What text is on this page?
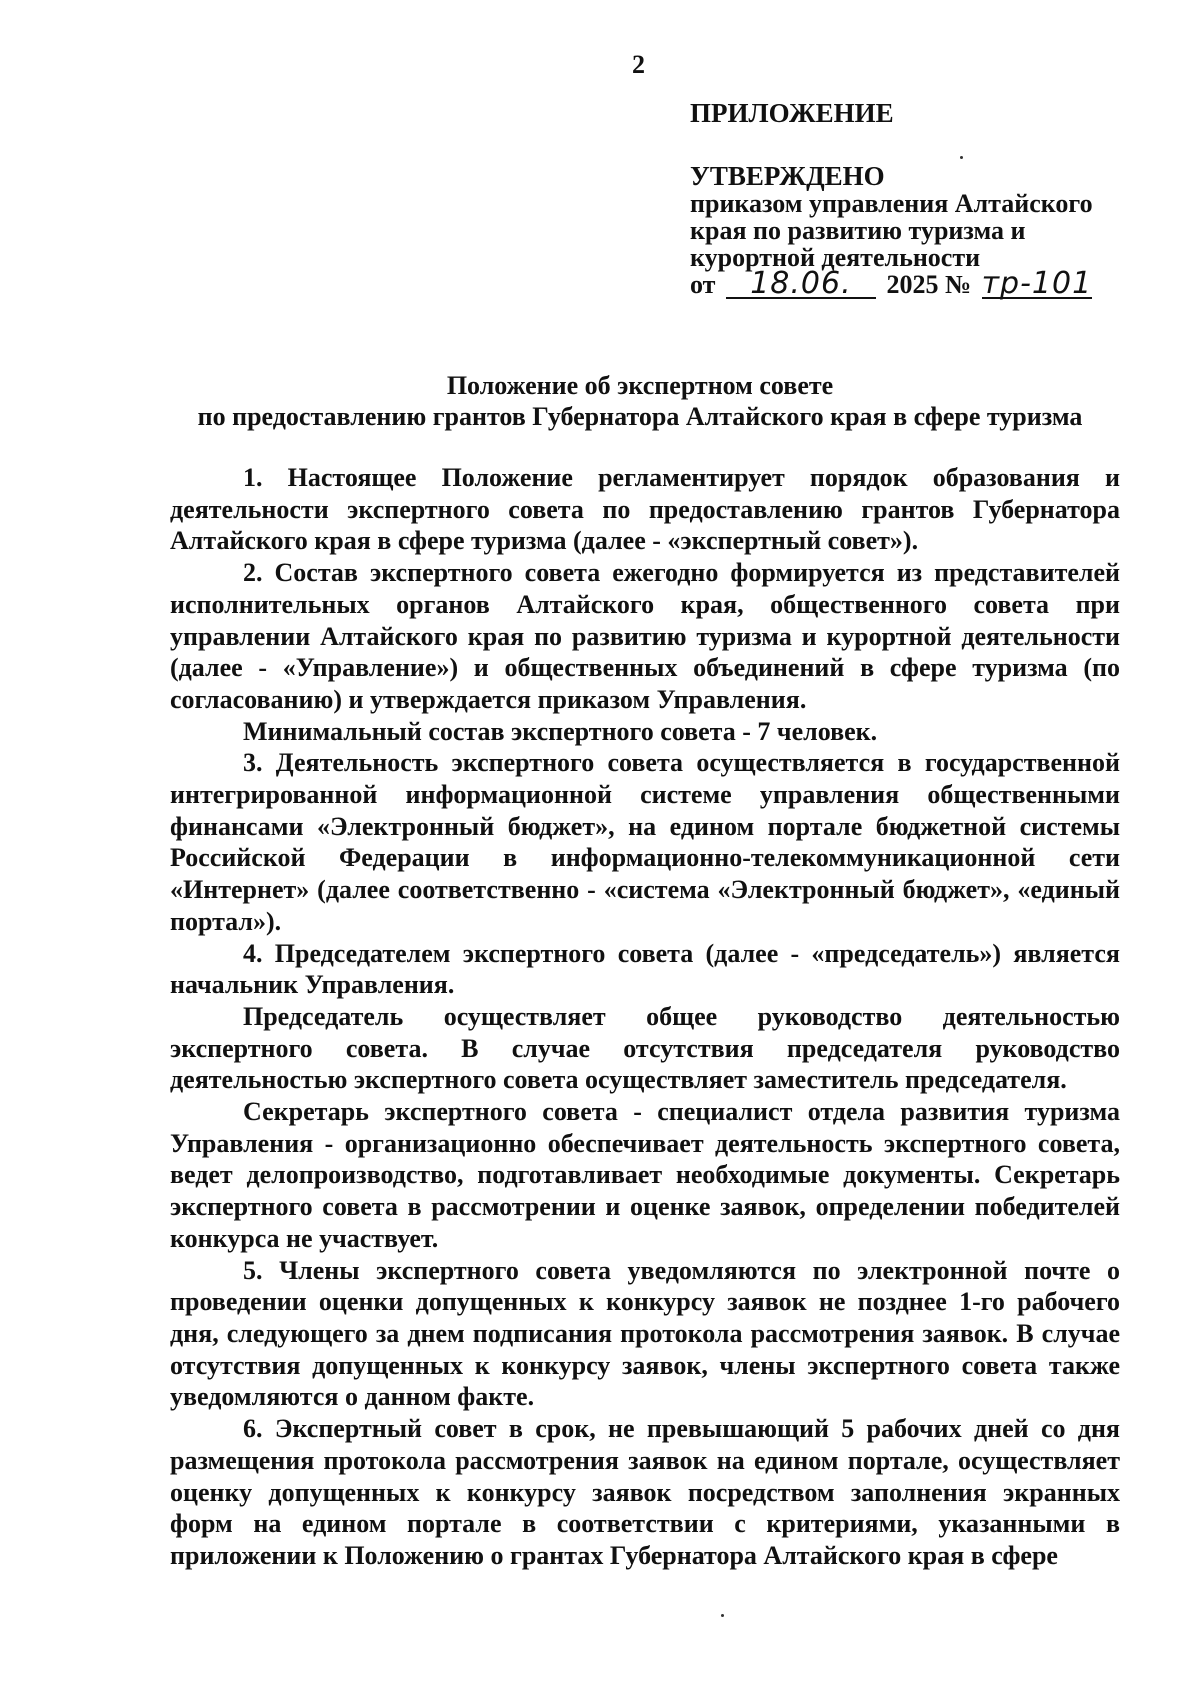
2
ПРИЛОЖЕНИЕ
УТВЕРЖДЕНО
приказом управления Алтайского
края по развитию туризма и
курортной деятельности
от 18.06. 2025 № тр-101
Положение об экспертном совете
по предоставлению грантов Губернатора Алтайского края в сфере туризма

1. Настоящее Положение регламентирует порядок образования и деятельности экспертного совета по предоставлению грантов Губернатора Алтайского края в сфере туризма (далее - «экспертный совет»).

2. Состав экспертного совета ежегодно формируется из представителей исполнительных органов Алтайского края, общественного совета при управлении Алтайского края по развитию туризма и курортной деятельности (далее - «Управление») и общественных объединений в сфере туризма (по согласованию) и утверждается приказом Управления.

Минимальный состав экспертного совета - 7 человек.

3. Деятельность экспертного совета осуществляется в государственной интегрированной информационной системе управления общественными финансами «Электронный бюджет», на едином портале бюджетной системы Российской Федерации в информационно-телекоммуникационной сети «Интернет» (далее соответственно - «система «Электронный бюджет», «единый портал»).

4. Председателем экспертного совета (далее - «председатель») является начальник Управления.

Председатель осуществляет общее руководство деятельностью экспертного совета. В случае отсутствия председателя руководство деятельностью экспертного совета осуществляет заместитель председателя.

Секретарь экспертного совета - специалист отдела развития туризма Управления - организационно обеспечивает деятельность экспертного совета, ведет делопроизводство, подготавливает необходимые документы. Секретарь экспертного совета в рассмотрении и оценке заявок, определении победителей конкурса не участвует.

5. Члены экспертного совета уведомляются по электронной почте о проведении оценки допущенных к конкурсу заявок не позднее 1-го рабочего дня, следующего за днем подписания протокола рассмотрения заявок. В случае отсутствия допущенных к конкурсу заявок, члены экспертного совета также уведомляются о данном факте.

6. Экспертный совет в срок, не превышающий 5 рабочих дней со дня размещения протокола рассмотрения заявок на едином портале, осуществляет оценку допущенных к конкурсу заявок посредством заполнения экранных форм на едином портале в соответствии с критериями, указанными в приложении к Положению о грантах Губернатора Алтайского края в сфере
